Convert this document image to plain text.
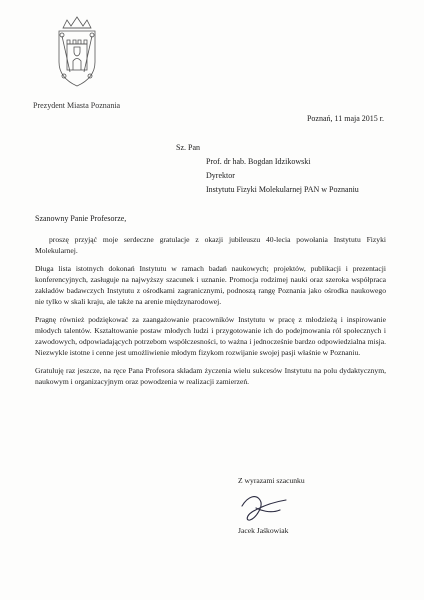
Prezydent Miasta Poznania
Poznań, 11 maja 2015 r.
Sz. Pan
Prof. dr hab. Bogdan Idzikowski
Dyrektor
Instytutu Fizyki Molekularnej PAN w Poznaniu
Szanowny Panie Profesorze,

proszę przyjąć moje serdeczne gratulacje z okazji jubileuszu 40-lecia powołania Instytutu Fizyki Molekularnej.

Długa lista istotnych dokonań Instytutu w ramach badań naukowych; projektów, publikacji i prezentacji konferencyjnych, zasługuje na najwyższy szacunek i uznanie. Promocja rodzimej nauki oraz szeroka współpraca zakładów badawczych Instytutu z ośrodkami zagranicznymi, podnoszą rangę Poznania jako ośrodka naukowego nie tylko w skali kraju, ale także na arenie międzynarodowej.

Pragnę również podziękować za zaangażowanie pracowników Instytutu w pracę z młodzieżą i inspirowanie młodych talentów. Kształtowanie postaw młodych ludzi i przygotowanie ich do podejmowania ról społecznych i zawodowych, odpowiadających potrzebom współczesności, to ważna i jednocześnie bardzo odpowiedzialna misja. Niezwykle istotne i cenne jest umożliwienie młodym fizykom rozwijanie swojej pasji właśnie w Poznaniu.

Gratuluję raz jeszcze, na ręce Pana Profesora składam życzenia wielu sukcesów Instytutu na polu dydaktycznym, naukowym i organizacyjnym oraz powodzenia w realizacji zamierzeń.

Z wyrazami szacunku
Jacek Jaśkowiak
